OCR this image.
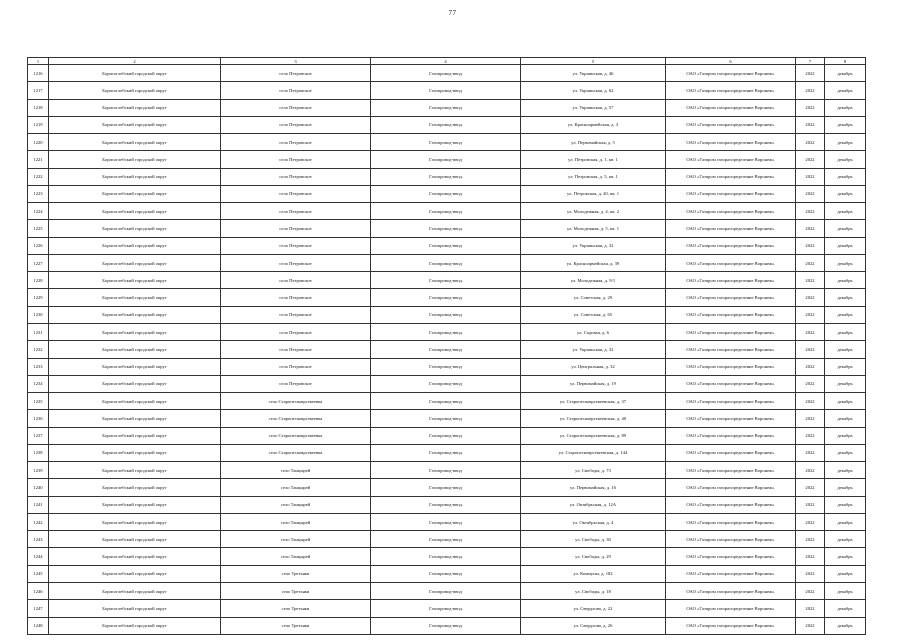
77
1	2	3	4	5	6	7	8
1216	Борисоглебский городской округ	село Петровское	Газопровод-ввод	ул. Украинская, д. 46	ОАО «Газпром газораспределение Воронеж»	2022	декабрь
1217	Борисоглебский городской округ	село Петровское	Газопровод-ввод	ул. Украинская, д. 62	ОАО «Газпром газораспределение Воронеж»	2022	декабрь
1218	Борисоглебский городской округ	село Петровское	Газопровод-ввод	ул. Украинская, д. 57	ОАО «Газпром газораспределение Воронеж»	2022	декабрь
1219	Борисоглебский городской округ	село Петровское	Газопровод-ввод	ул. Красноармейская, д. 3	ОАО «Газпром газораспределение Воронеж»	2022	декабрь
1220	Борисоглебский городской округ	село Петровское	Газопровод-ввод	ул. Первомайская, д. 5	ОАО «Газпром газораспределение Воронеж»	2022	декабрь
1221	Борисоглебский городской округ	село Петровское	Газопровод-ввод	ул. Петровская, д. 1, кв. 1	ОАО «Газпром газораспределение Воронеж»	2022	декабрь
1222	Борисоглебский городской округ	село Петровское	Газопровод-ввод	ул. Петровская, д. 5, кв. 1	ОАО «Газпром газораспределение Воронеж»	2022	декабрь
1223	Борисоглебский городской округ	село Петровское	Газопровод-ввод	ул. Петровская, д. 20, кв. 1	ОАО «Газпром газораспределение Воронеж»	2022	декабрь
1224	Борисоглебский городской округ	село Петровское	Газопровод-ввод	ул. Молодежная, д. 4, кв. 2	ОАО «Газпром газораспределение Воронеж»	2022	декабрь
1225	Борисоглебский городской округ	село Петровское	Газопровод-ввод	ул. Молодежная, д. 5, кв. 1	ОАО «Газпром газораспределение Воронеж»	2022	декабрь
1226	Борисоглебский городской округ	село Петровское	Газопровод-ввод	ул. Украинская, д. 32	ОАО «Газпром газораспределение Воронеж»	2022	декабрь
1227	Борисоглебский городской округ	село Петровское	Газопровод-ввод	ул. Красноармейская, д. 39	ОАО «Газпром газораспределение Воронеж»	2022	декабрь
1228	Борисоглебский городской округ	село Петровское	Газопровод-ввод	ул. Молодежная, д. 9/1	ОАО «Газпром газораспределение Воронеж»	2022	декабрь
1229	Борисоглебский городской округ	село Петровское	Газопровод-ввод	ул. Советская, д. 29	ОАО «Газпром газораспределение Воронеж»	2022	декабрь
1230	Борисоглебский городской округ	село Петровское	Газопровод-ввод	ул. Советская, д. 65	ОАО «Газпром газораспределение Воронеж»	2022	декабрь
1231	Борисоглебский городской округ	село Петровское	Газопровод-ввод	ул. Садовая, д. 6	ОАО «Газпром газораспределение Воронеж»	2022	декабрь
1232	Борисоглебский городской округ	село Петровское	Газопровод-ввод	ул. Украинская, д. 32	ОАО «Газпром газораспределение Воронеж»	2022	декабрь
1233	Борисоглебский городской округ	село Петровское	Газопровод-ввод	ул. Центральная, д. 32	ОАО «Газпром газораспределение Воронеж»	2022	декабрь
1234	Борисоглебский городской округ	село Петровское	Газопровод-ввод	ул. Первомайская, д. 19	ОАО «Газпром газораспределение Воронеж»	2022	декабрь
1235	Борисоглебский городской округ	село Старопесковрсекеевка	Газопровод-ввод	ул. Старопесковрсекеевская, д. 37	ОАО «Газпром газораспределение Воронеж»	2022	декабрь
1236	Борисоглебский городской округ	село Старопесковрсекеевка	Газопровод-ввод	ул. Старопесковрсекеевская, д. 40	ОАО «Газпром газораспределение Воронеж»	2022	декабрь
1237	Борисоглебский городской округ	село Старопесковрсекеевка	Газопровод-ввод	ул. Старопесковрсекеевская, д. 89	ОАО «Газпром газораспределение Воронеж»	2022	декабрь
1238	Борисоглебский городской округ	село Старопесковрсекеевка	Газопровод-ввод	ул. Старопесковрсекеевская, д. 144	ОАО «Газпром газораспределение Воронеж»	2022	декабрь
1239	Борисоглебский городской округ	село Танцырей	Газопровод-ввод	ул. Свободы, д. 73	ОАО «Газпром газораспределение Воронеж»	2022	декабрь
1240	Борисоглебский городской округ	село Танцырей	Газопровод-ввод	ул. Первомайская, д. 16	ОАО «Газпром газораспределение Воронеж»	2022	декабрь
1241	Борисоглебский городской округ	село Танцырей	Газопровод-ввод	ул. Октябрьская, д. 12А	ОАО «Газпром газораспределение Воронеж»	2022	декабрь
1242	Борисоглебский городской округ	село Танцырей	Газопровод-ввод	ул. Октябрьская, д. 4	ОАО «Газпром газораспределение Воронеж»	2022	декабрь
1243	Борисоглебский городской округ	село Танцырей	Газопровод-ввод	ул. Свободы, д. 30	ОАО «Газпром газораспределение Воронеж»	2022	декабрь
1244	Борисоглебский городской округ	село Танцырей	Газопровод-ввод	ул. Свободы, д. 29	ОАО «Газпром газораспределение Воронеж»	2022	декабрь
1245	Борисоглебский городской округ	село Третьяки	Газопровод-ввод	ул. Коммуны, д. 182	ОАО «Газпром газораспределение Воронеж»	2022	декабрь
1246	Борисоглебский городской округ	село Третьяки	Газопровод-ввод	ул. Свободы, д. 18	ОАО «Газпром газораспределение Воронеж»	2022	декабрь
1247	Борисоглебский городской округ	село Третьяки	Газопровод-ввод	ул. Свердлова, д. 22	ОАО «Газпром газораспределение Воронеж»	2022	декабрь
1248	Борисоглебский городской округ	село Третьяки	Газопровод-ввод	ул. Свердлова, д. 26	ОАО «Газпром газораспределение Воронеж»	2022	декабрь
